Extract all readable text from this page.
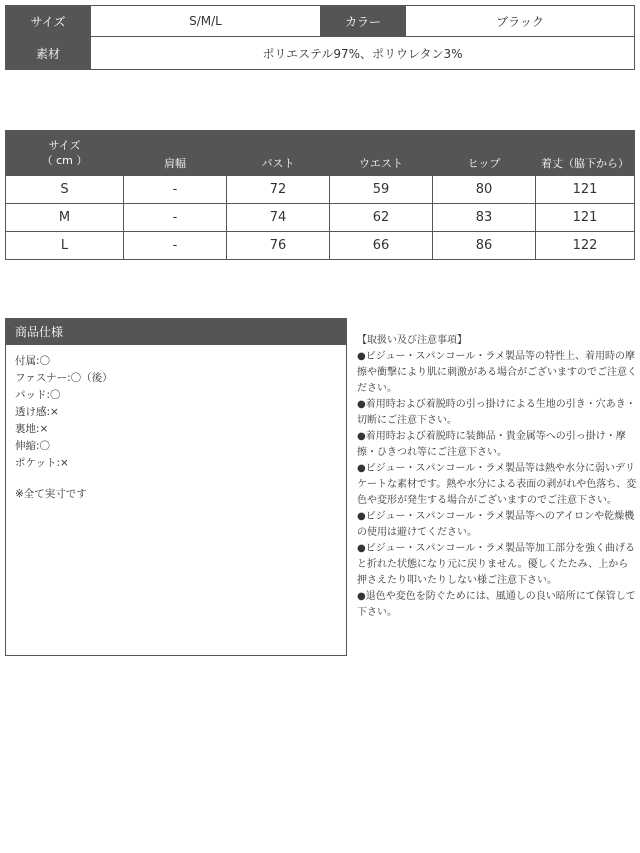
サイズ	S/M/L	カラー	ブラック
素材	ポリエステル97%、ポリウレタン3%		
サイズ
（ cm ）	肩幅	バスト	ウエスト	ヒップ	着丈（脇下から）
S	-	72	59	80	121
M	-	74	62	83	121
L	-	76	66	86	122
商品仕様
付属:〇
ファスナー:〇（後）
パッド:〇
透け感:×
裏地:×
伸縮:〇
ポケット:×
※全て実寸です
【取扱い及び注意事項】
●ビジュー・スパンコール・ラメ製品等の特性上、着用時の摩擦や衝撃により肌に刺激がある場合がございますのでご注意ください。
●着用時および着脱時の引っ掛けによる生地の引き・穴あき・切断にご注意下さい。
●着用時および着脱時に装飾品・貴金属等への引っ掛け・摩擦・ひきつれ等にご注意下さい。
●ビジュー・スパンコール・ラメ製品等は熱や水分に弱いデリケートな素材です。熱や水分による表面の剥がれや色落ち、変色や変形が発生する場合がございますのでご注意下さい。
●ビジュー・スパンコール・ラメ製品等へのアイロンや乾燥機の使用は避けてください。
●ビジュー・スパンコール・ラメ製品等加工部分を強く曲げると折れた状態になり元に戻りません。優しくたたみ、上から押さえたり叩いたりしない様ご注意下さい。
●退色や変色を防ぐためには、風通しの良い暗所にて保管して下さい。
